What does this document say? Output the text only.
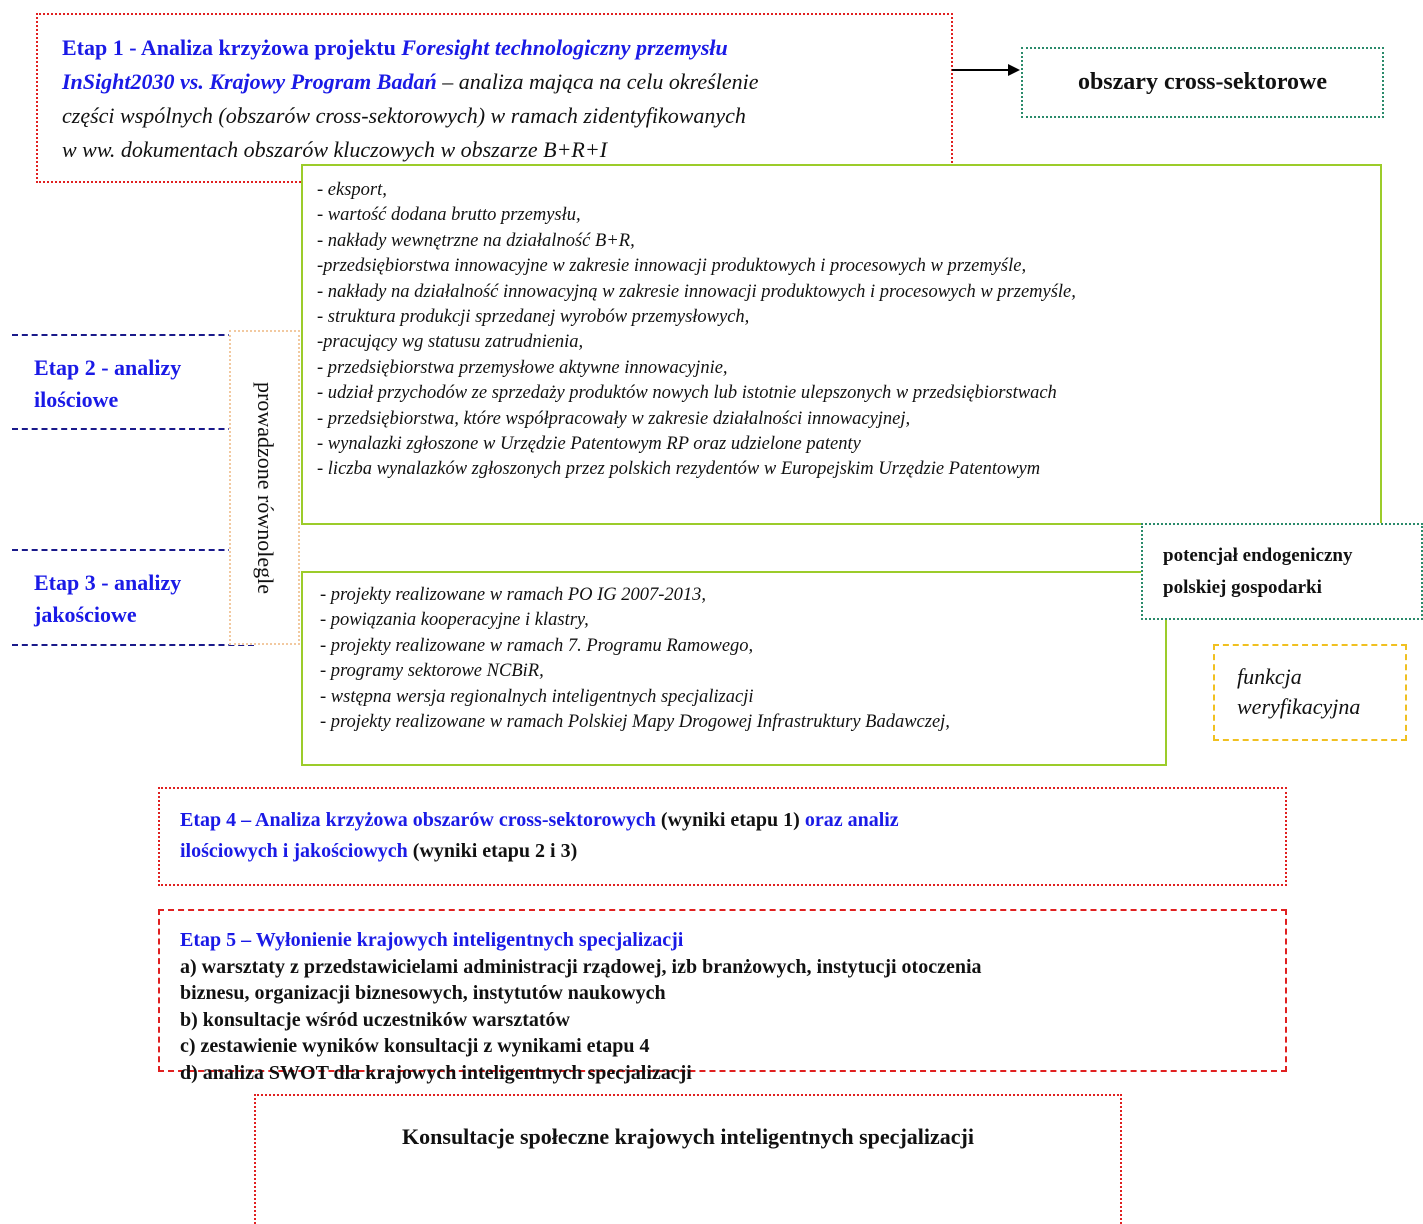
Etap 1 - Analiza krzyżowa projektu Foresight technologiczny przemysłu
InSight2030 vs. Krajowy Program Badań – analiza mająca na celu określenie
części wspólnych (obszarów cross-sektorowych) w ramach zidentyfikowanych
w ww. dokumentach obszarów kluczowych w obszarze B+R+I
obszary cross-sektorowe
- eksport,
- wartość dodana brutto przemysłu,
- nakłady wewnętrzne na działalność B+R,
-przedsiębiorstwa innowacyjne w zakresie innowacji produktowych i procesowych w przemyśle,
- nakłady na działalność innowacyjną w zakresie innowacji produktowych i procesowych w przemyśle,
- struktura produkcji sprzedanej wyrobów przemysłowych,
-pracujący wg statusu zatrudnienia,
- przedsiębiorstwa przemysłowe aktywne innowacyjnie,
- udział przychodów ze sprzedaży produktów nowych lub istotnie ulepszonych w przedsiębiorstwach
- przedsiębiorstwa, które współpracowały w zakresie działalności innowacyjnej,
- wynalazki zgłoszone w Urzędzie Patentowym RP oraz udzielone patenty
- liczba wynalazków zgłoszonych przez polskich rezydentów w Europejskim Urzędzie Patentowym
- projekty realizowane w ramach PO IG 2007-2013,
- powiązania kooperacyjne i klastry,
- projekty realizowane w ramach 7. Programu Ramowego,
- programy sektorowe NCBiR,
- wstępna wersja regionalnych inteligentnych specjalizacji
- projekty realizowane w ramach Polskiej Mapy Drogowej Infrastruktury Badawczej,
prowadzone równolegle
Etap 2 - analizy
ilościowe
Etap 3 - analizy
jakościowe
potencjał endogeniczny
polskiej gospodarki
funkcja
weryfikacyjna
Etap 4 – Analiza krzyżowa obszarów cross-sektorowych (wyniki etapu 1) oraz analiz
ilościowych i jakościowych (wyniki etapu 2 i 3)
Etap 5 – Wyłonienie krajowych inteligentnych specjalizacji
a) warsztaty z przedstawicielami administracji rządowej, izb branżowych, instytucji otoczenia
biznesu, organizacji biznesowych, instytutów naukowych
b) konsultacje wśród uczestników warsztatów
c) zestawienie wyników konsultacji z wynikami etapu 4
d) analiza SWOT dla krajowych inteligentnych specjalizacji
Konsultacje społeczne krajowych inteligentnych specjalizacji
